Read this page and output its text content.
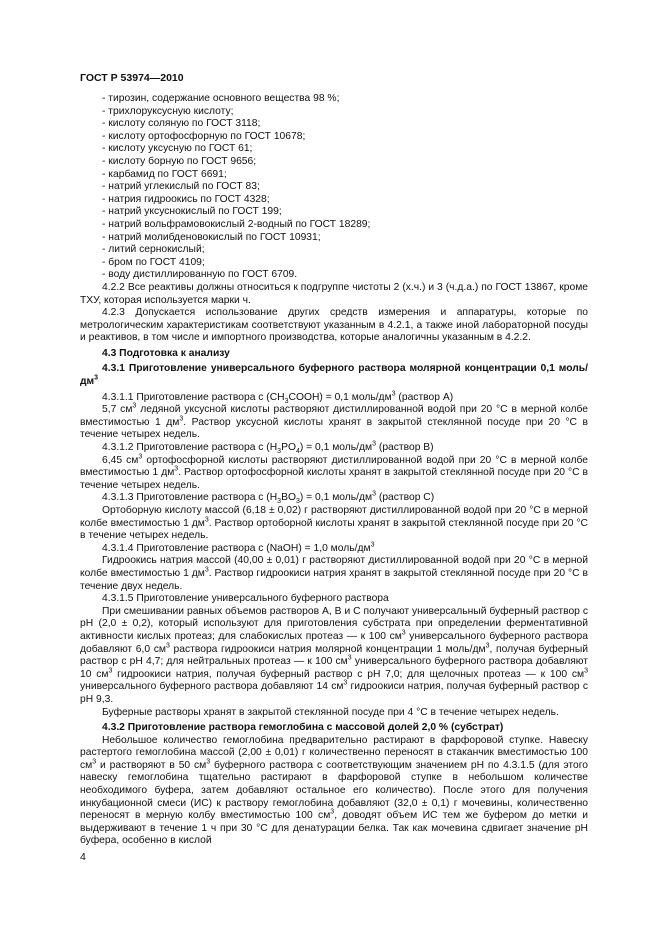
ГОСТ Р 53974—2010
- тирозин, содержание основного вещества 98 %;
- трихлоруксусную кислоту;
- кислоту соляную по ГОСТ 3118;
- кислоту ортофосфорную по ГОСТ 10678;
- кислоту уксусную по ГОСТ 61;
- кислоту борную по ГОСТ 9656;
- карбамид по ГОСТ 6691;
- натрий углекислый по ГОСТ 83;
- натрия гидроокись по ГОСТ 4328;
- натрий уксуснокислый по ГОСТ 199;
- натрий вольфрамовокислый 2-водный по ГОСТ 18289;
- натрий молибденовокислый по ГОСТ 10931;
- литий сернокислый;
- бром по ГОСТ 4109;
- воду дистиллированную по ГОСТ 6709.
4.2.2 Все реактивы должны относиться к подгруппе чистоты 2 (х.ч.) и 3 (ч.д.а.) по ГОСТ 13867, кроме ТХУ, которая используется марки ч.
4.2.3 Допускается использование других средств измерения и аппаратуры, которые по метрологическим характеристикам соответствуют указанным в 4.2.1, а также иной лабораторной посуды и реактивов, в том числе и импортного производства, которые аналогичны указанным в 4.2.2.
4.3 Подготовка к анализу
4.3.1 Приготовление универсального буферного раствора молярной концентрации 0,1 моль/$дм^3$
4.3.1.1 Приготовление раствора с $(CH_3COOH) = 0,1$ моль/$дм^3$ (раствор А)
5,7 $см^3$ ледяной уксусной кислоты растворяют дистиллированной водой при 20 °С в мерной колбе вместимостью 1 $дм^3$. Раствор уксусной кислоты хранят в закрытой стеклянной посуде при 20 °С в течение четырех недель.
4.3.1.2 Приготовление раствора с $(H_3PO_4) = 0,1$ моль/$дм^3$ (раствор В)
6,45 $см^3$ ортофосфорной кислоты растворяют дистиллированной водой при 20 °С в мерной колбе вместимостью 1 $дм^3$. Раствор ортофосфорной кислоты хранят в закрытой стеклянной посуде при 20 °С в течение четырех недель.
4.3.1.3 Приготовление раствора с $(H_3BO_3) = 0,1$ моль/$дм^3$ (раствор С)
Ортоборную кислоту массой (6,18 ± 0,02) г растворяют дистиллированной водой при 20 °С в мерной колбе вместимостью 1 $дм^3$. Раствор ортоборной кислоты хранят в закрытой стеклянной посуде при 20 °С в течение четырех недель.
4.3.1.4 Приготовление раствора с (NaOH) = 1,0 моль/$дм^3$
Гидроокись натрия массой (40,00 ± 0,01) г растворяют дистиллированной водой при 20 °С в мерной колбе вместимостью 1 $дм^3$. Раствор гидроокиси натрия хранят в закрытой стеклянной посуде при 20 °С в течение двух недель.
4.3.1.5 Приготовление универсального буферного раствора
При смешивании равных объемов растворов А, В и С получают универсальный буферный раствор с рН (2,0 ± 0,2), который используют для приготовления субстрата при определении ферментативной активности кислых протеаз; для слабокислых протеаз — к 100 $см^3$ универсального буферного раствора добавляют 6,0 $см^3$ раствора гидроокиси натрия молярной концентрации 1 моль/$дм^3$, получая буферный раствор с рН 4,7; для нейтральных протеаз — к 100 $см^3$ универсального буферного раствора добавляют 10 $см^3$ гидроокиси натрия, получая буферный раствор с рН 7,0; для щелочных протеаз — к 100 $см^3$ универсального буферного раствора добавляют 14 $см^3$ гидроокиси натрия, получая буферный раствор с рН 9,3.
Буферные растворы хранят в закрытой стеклянной посуде при 4 °С в течение четырех недель.
4.3.2 Приготовление раствора гемоглобина с массовой долей 2,0 % (субстрат)
Небольшое количество гемоглобина предварительно растирают в фарфоровой ступке. Навеску растертого гемоглобина массой (2,00 ± 0,01) г количественно переносят в стаканчик вместимостью 100 $см^3$ и растворяют в 50 $см^3$ буферного раствора с соответствующим значением рН по 4.3.1.5 (для этого навеску гемоглобина тщательно растирают в фарфоровой ступке в небольшом количестве необходимого буфера, затем добавляют остальное его количество). После этого для получения инкубационной смеси (ИС) к раствору гемоглобина добавляют (32,0 ± 0,1) г мочевины, количественно переносят в мерную колбу вместимостью 100 $см^3$, доводят объем ИС тем же буфером до метки и выдерживают в течение 1 ч при 30 °С для денатурации белка. Так как мочевина сдвигает значение рН буфера, особенно в кислой
4
